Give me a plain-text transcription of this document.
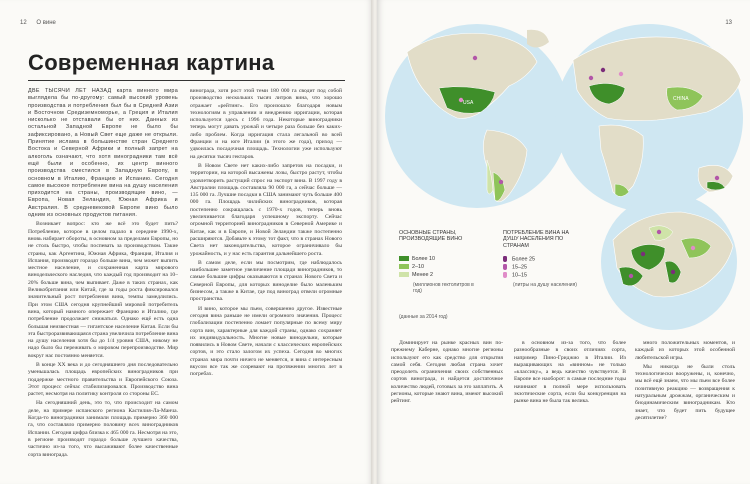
12 О вине
Современная картина

ДВЕ ТЫСЯЧИ ЛЕТ НАЗАД карта винного мира выглядела бы по-другому: самый высокий уровень производства и потребления был бы в Средней Азии и Восточном Средиземноморье, а Греция и Италия нисколько не отставали бы от них. Данных из остальной Западной Европе не было бы зафиксировано, а Новый Свет еще даже не открыли. Принятие ислама в большинстве стран Среднего Востока и Северной Африки и полный запрет на алкоголь означают, что хотя виноградники там всё ещё были и особенно, их центр винного производства сместился в Западную Европу, в основном в Италию, Францию и Испанию. Сегодня самое высокое потребление вина на душу населения приходится на страны, производящие вино, — Европа, Новая Зеландия, Южная Африка и Австралия. В средневековой Европе вино было одним из основных продуктов питания.

Возникает вопрос: кто же всё это будет пить? Потребление, которое в целом падало в середине 1990-х, вновь набирает обороты, в основном за пределами Европы, но не столь быстро, чтобы поспевать за производством. Такие страны, как Аргентина, Южная Африка, Франция, Италия и Испания, производят гораздо больше вина, чем может выпить местное население, и сохраненная карта мирового винодельческого наследия, что каждый год производит на 10–20% больше вина, чем выпивает. Даже в таких странах, как Великобритания или Китай, где за годы роста фиксировался значительный рост потребления вина, темпы замедлились. При этом США сегодня крупнейший мировой потребитель вина, который намного опережает Францию и Италию, где потребление продолжает снижаться. Однако ещё есть одна большая неизвестная — гигантское население Китая. Если бы эта быстроразвивающаяся страна увеличила потребление вина на душу населения хотя бы до 1/4 уровня США, никому не надо было бы переживать о мировом перепроизводстве. Мир вокруг нас постоянно меняется.

В конце XX века и до сегодняшнего дня последовательно уменьшалась площадь европейских виноградников при поддержке местного правительства и Европейского Союза. Этот процесс сейчас стабилизировался. Производство вина растет, несмотря на политику контроля со стороны ЕС.

На сегодняшний день, это то, что происходит на самом деле, на примере испанского региона Кастилия-Ла-Манча. Когда-то виноградники занимали площадь примерно 360 000 га, что составляло примерно половину всех виноградников Испании. Сегодня цифра близка к 465 000 га. Несмотря на это, в регионе производят гораздо больше лучшего качества, частично из-за того, что высаживают более качественные сорта винограда.

винограда, хотя рост этой теми 180 000 га сводит под собой производство нескольких тысяч литров вина, что хорошо отражает «рейтинг». Его произошло благодаря новым технологиям в управлении и внедрению ирригации, которая используется здесь с 1996 года. Некоторые виноградники теперь могут давать урожай и четыре раза больше без каких-либо проблем. Когда ирригация стала легальной во всей Франции и на юге Италии (в этого же года), приход — удвоилась посадочная площадь. Технологии уже используют на десятки тысяч гектаров.

В Новом Свете нет каких-либо запретов на посадки, и территории, на которой высажены лозы, быстро растут, чтобы удовлетворить растущий спрос на экспорт вина. В 1997 году в Австралии площадь составляла 90 000 га, а сейчас больше — 135 000 га. Лучшие посадки в США занимают чуть больше 400 000 га. Площадь чилийских виноградников, которая постепенно сокращалась с 1970-х годов, теперь вновь увеличивается благодаря успешному экспорту. Сейчас огромной территорией виноградников в Северной Америке и Китае, как и в Европе, и Новой Зеландии также постепенно расширяются. Добавьте к этому тот факт, что в странах Нового Света нет законодательства, которое ограничивало бы урожайность, и у нас есть гарантия дальнейшего роста.

В самом деле, если мы посмотрим, где наблюдалось наибольшее заметное увеличение площади виноградников, то самые большие цифры оказываются в странах Нового Света и Северной Европы, для которых виноделие было маленьким бизнесом, а также в Китае, где под виноград отвели огромные пространства.

И вино, которое мы пьем, совершенно другое. Известные сегодня вина раньше не имели огромного значения. Процесс глобализации постепенно ломает популярные по всему миру сорта вин, характерные для каждой страны, однако сохраняет их индивидуальность. Многие новые винодельни, которые появились в Новом Свете, начали с классических европейских сортов, и это стало залогом их успеха. Сегодня во многих странах мира почти ничего не меняется, и вина с интересным вкусом все так же созревают на протяжении многих лет в погребах.

13
USA
CHINA
ОСНОВНЫЕ СТРАНЫ, ПРОИЗВОДЯЩИЕ ВИНО
ПОТРЕБЛЕНИЕ ВИНА НА ДУШУ НАСЕЛЕНИЯ ПО СТРАНАМ
Более 10
2–10
Менее 2
(миллионов гектолитров в год)
Более 25
15–25
10–15
(литры на душу населения)
(данные за 2014 год)

Доминирует на рынке красных вин по-прежнему Каберне, однако многие регионы используют его как средство для открытия самой себя. Сегодня любая страна хочет преодолеть ограничения своих собственных сортов винограда, и найдется достаточное количество людей, готовых за это заплатить. А регионы, которые знают вина, имеют высокий рейтинг.

в основном из-за того, что более разнообразные в своих отличиях сорта, например Пино-Гриджио в Италии. Из выращивающих на «винном» не только «классику», а ведь качество чувствуется. В Европе все наоборот: в самые последние годы начинают в полной мере использовать экзотические сорта, если бы конкуренция на рынке вина не была так велика.

много положительных моментов, и каждый из которых этой особенной любительской игры.

Мы никогда не были столь технологически вооружены, и, конечно, мы всё ещё знаем, что мы пьем все более позитивную реакцию — возвращения к натуральным дрожжам, органическим и биодинамическим виноградникам. Кто знает, что будет пить будущее десятилетие?
